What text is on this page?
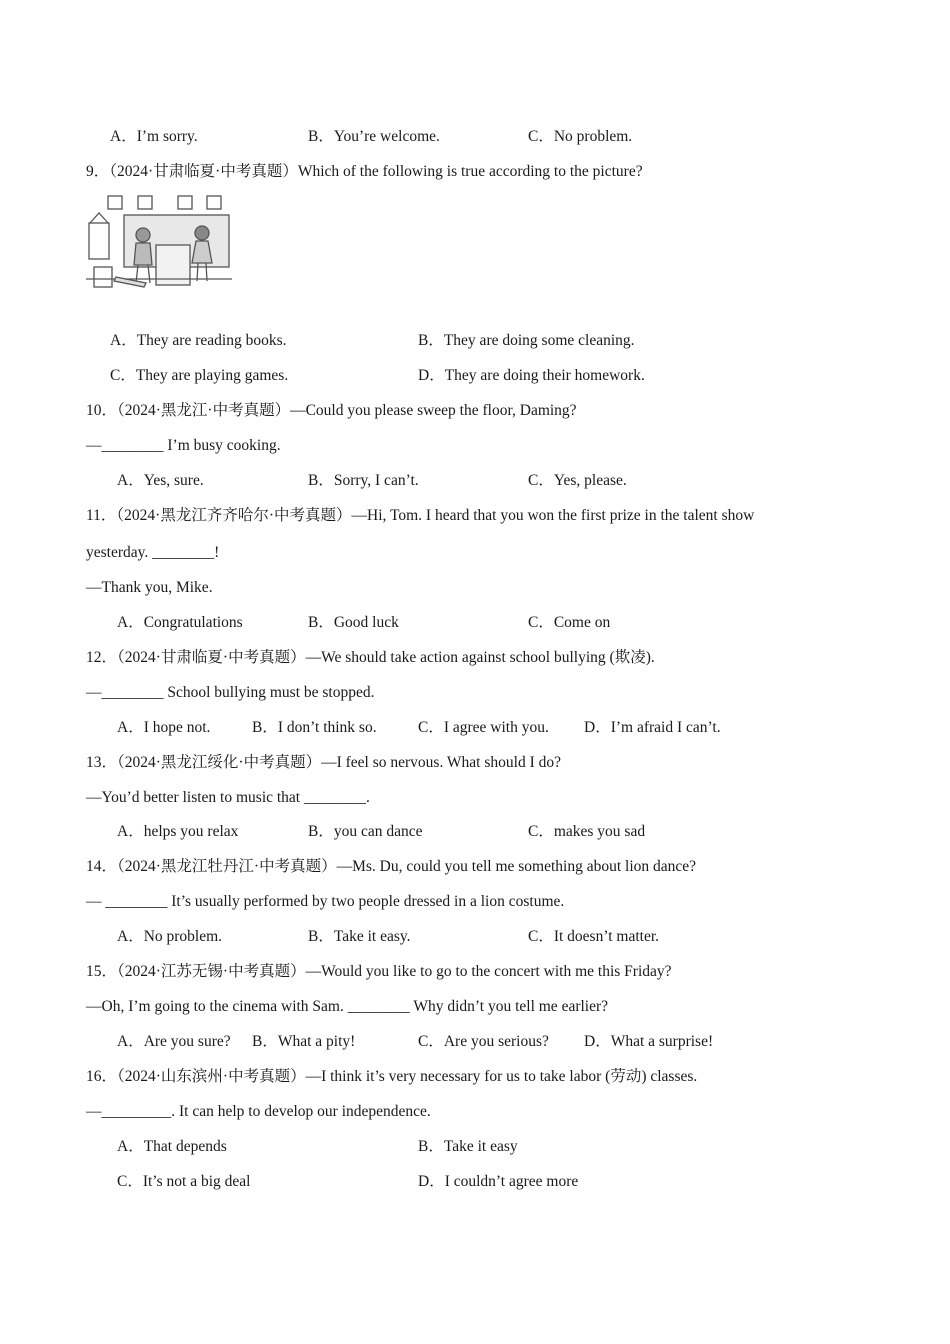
A．I’m sorry.	B．You’re welcome.	C．No problem.
9．（2024·甘肃临夏·中考真题）Which of the following is true according to the picture?
A．They are reading books.	B．They are doing some cleaning.
C．They are playing games.	D．They are doing their homework.
10．（2024·黑龙江·中考真题）—Could you please sweep the floor, Daming?
—________ I’m busy cooking.
A．Yes, sure.	B．Sorry, I can’t.	C．Yes, please.
11．（2024·黑龙江齐齐哈尔·中考真题）—Hi, Tom. I heard that you won the first prize in the talent show
yesterday. ________!
—Thank you, Mike.
A．Congratulations	B．Good luck	C．Come on
12．（2024·甘肃临夏·中考真题）—We should take action against school bullying (欺凌).
—________ School bullying must be stopped.
A．I hope not.	B．I don’t think so.	C．I agree with you. D．I’m afraid I can’t.
13．（2024·黑龙江绥化·中考真题）—I feel so nervous. What should I do?
—You’d better listen to music that ________.
A．helps you relax	B．you can dance	C．makes you sad
14．（2024·黑龙江牡丹江·中考真题）—Ms. Du, could you tell me something about lion dance?
— ________ It’s usually performed by two people dressed in a lion costume.
A．No problem.	B．Take it easy.	C．It doesn’t matter.
15．（2024·江苏无锡·中考真题）—Would you like to go to the concert with me this Friday?
—Oh, I’m going to the cinema with Sam. ________ Why didn’t you tell me earlier?
A．Are you sure? B．What a pity!	C．Are you serious? D．What a surprise!
16．（2024·山东滨州·中考真题）—I think it’s very necessary for us to take labor (劳动) classes.
—_________. It can help to develop our independence.
A．That depends	B．Take it easy
C．It’s not a big deal	D．I couldn’t agree more
